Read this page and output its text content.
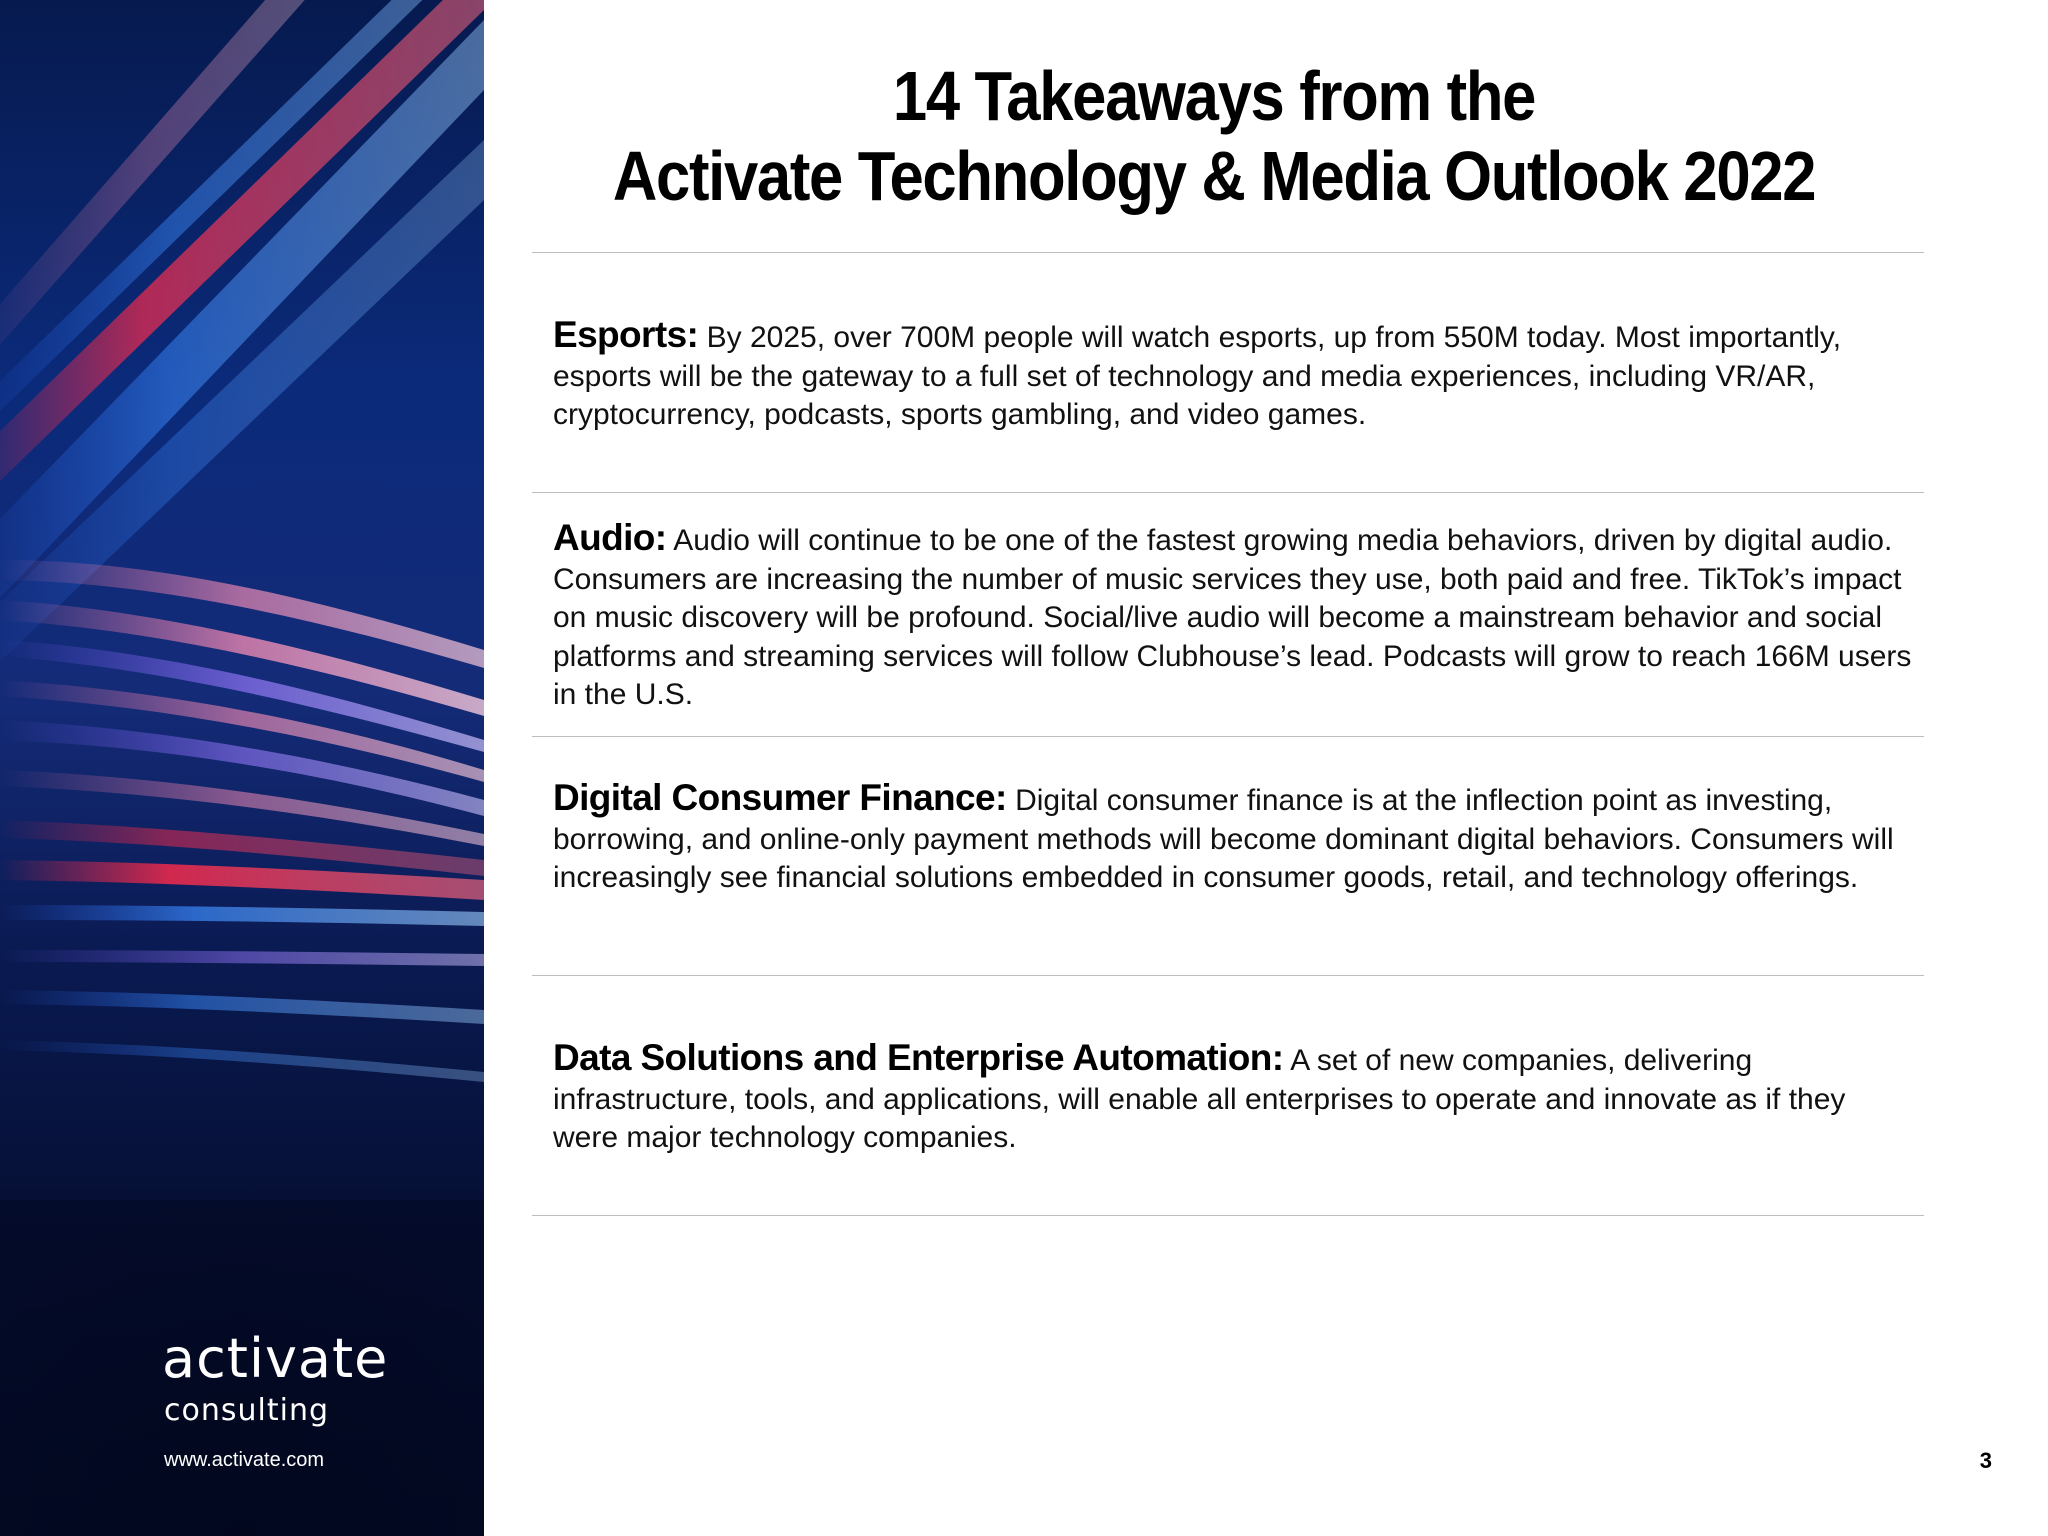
activate
consulting
www.activate.com
14 Takeaways from the
Activate Technology & Media Outlook 2022
Esports: By 2025, over 700M people will watch esports, up from 550M today. Most importantly, esports will be the gateway to a full set of technology and media experiences, including VR/AR, cryptocurrency, podcasts, sports gambling, and video games.
Audio: Audio will continue to be one of the fastest growing media behaviors, driven by digital audio. Consumers are increasing the number of music services they use, both paid and free. TikTok’s impact on music discovery will be profound. Social/live audio will become a mainstream behavior and social platforms and streaming services will follow Clubhouse’s lead. Podcasts will grow to reach 166M users in the U.S.
Digital Consumer Finance: Digital consumer finance is at the inflection point as investing, borrowing, and online-only payment methods will become dominant digital behaviors. Consumers will increasingly see financial solutions embedded in consumer goods, retail, and technology offerings.
Data Solutions and Enterprise Automation: A set of new companies, delivering infrastructure, tools, and applications, will enable all enterprises to operate and innovate as if they were major technology companies.
3
